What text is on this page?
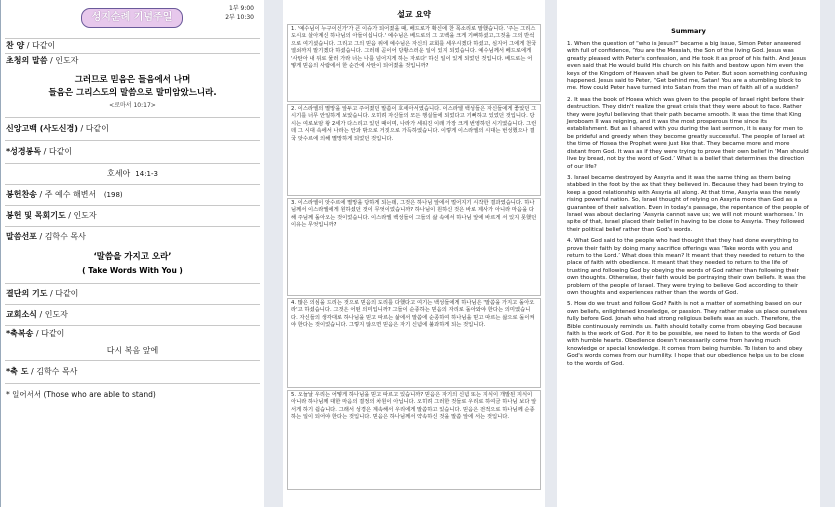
성지순례 기념주일
1부 9:00
2부 10:30
찬 양 / 다같이
초청의 말씀 / 인도자
그러므로 믿음은 들음에서 나며
들음은 그리스도의 말씀으로 말미암았느니라.
<로마서 10:17>
신앙고백 (사도신경) / 다같이
*성경봉독 / 다같이
호세아 14:1-3
봉헌찬송 / 주 예수 해변서 (198)
봉헌 및 목회기도 / 인도자
말씀선포 / 김학수 목사
‘말씀을 가지고 오라’
( Take Words With You )
결단의 기도 / 다같이
교회소식 / 인도자
*축복송 / 다같이
다시 복음 앞에
*축 도 / 김학수 목사
* 일어서서 (Those who are able to stand)
설교 요약
1. '예수님이 누구이신가'가 큰 이슈가 되어졌을 때, 베드로가 확신에 찬 목소리로 말했습니다. '주는 그리스도시요 살아계신 하나님의 아들이십니다.' 예수님은 베드로의 그 고백을 크게 기뻐하셨고,그것을 그의 반석으로 여기셨습니다. 그리고 그의 믿음 위에 예수님은 자신의 교회를 세우시겠다 하셨고, 심지어 그에게 천국 열쇠까지 맡기겠다 하셨습니다. 그러데 곧이어 당황스러운 일이 있지 되었습니다. 예수님께서 베드로에게 '사탄아 내 뒤로 물러 가라 너는 나를 넘어지게 하는 자로다' 하신 일이 있게 되었던 것입니다. 베드로는 어떻게 믿음의 사람에서 한 순간에 사탄이 되어졌을 것입니까?
2. 이스라엘의 멸망을 앞두고 주어졌던 말씀이 호세아서였습니다. 이스라엘 백성들은 자신들에게 좋았던 그 시기를 너무 안일하게 보았습니다. 오히려 자신들의 모든 행실들에 되었다고 기뻐하고 있었던 것입니다. 당시는 여로보암 왕 2세가 다스리고 있던 때이며, 나라가 세워진 이래 가장 크게 번영하던 시기였습니다. 그런데 그 시대 속에서 나라는 안과 밖으로 거짓으로 가득하였습니다. 이렇게 이스라엘의 시대는 번성했으나 결국 앗수르에 의해 멸망하게 되었던 것입니다.
3. 이스라엘이 앗수르에 멸망을 당하게 되는데, 그것은 하나님 앞에서 멀어지기 시작한 결과였습니다. 하나님께서 이스라엘에게 원하셨던 것이 무엇이었습니까? 하나님이 원하신 것은 바로 제사가 아니라 마음을 다해 주님께 돌아오는 것이었습니다. 이스라엘 백성들이 그들의 삶 속에서 하나님 앞에 바르게 서 있지 못했던 이유는 무엇입니까?
4. 많은 의심을 드리는 것으로 믿음의 도리를 다했다고 여기는 백성들에게 하나님은 '말씀을 가지고 돌아오라'고 하셨습니다. 그것은 어떤 의미입니까? 그들이 순종하는 믿음의 자리로 돌아와야 한다는 의미였습니다. 자신들의 생각대로 하나님을 믿고 따르는 삶에서 말씀에 순종하여 하나님을 믿고 따르는 삶으로 돌이켜야 한다는 것이었습니다. 그렇지 않으면 믿음은 자기 신념에 불과하게 되는 것입니다.
5. 오늘날 우리는 어떻게 하나님을 믿고 따르고 있습니까? 믿음은 자기의 신념 또는 지식이 개발된 지식이 아니라 하나님께 대한 마음의 결정의 차원이 아닙니다. 오히려 그러한 것들로 우리로 하여금 하나님 보다 앞서게 하기 쉽습니다. 그래서 성경은 계속해서 우리에게 말씀하고 있습니다. 믿음은 전적으로 하나님께 순종하는 일이 되어야 한다는 것입니다. 믿음은 하나님께서 약속하신 것을 말씀 앞에 서는 것입니다.
Summary
1. When the question of “who is Jesus?” became a big issue, Simon Peter answered with full of confidence, ‘You are the Messiah, the Son of the living God. Jesus was greatly pleased with Peter's confession, and He took it as proof of his faith. And Jesus even said that He would build His church on his faith and bestow upon him even the keys of the Kingdom of Heaven shall be given to Peter. But soon something confusing happened. Jesus said to Peter, “Get behind me, Satan! You are a stumbling block to me. How could Peter have turned into Satan from the man of faith all of a sudden?
2. It was the book of Hosea which was given to the people of Israel right before their destruction. They didn't realize the great crisis that they were about to face. Rather they were joyful believing that their path became smooth. It was the time that King Jeroboam II was reigning, and it was the most prosperous time since its establishment. But as I shared with you during the last sermon, it is easy for men to be prideful and greedy when they become greatly successful. The people of Israel at the time of Hosea the Prophet were just like that. They became more and more distant from God. It was as if they were trying to prove their own belief in ‘Man should live by bread, not by the word of God.’ What is a belief that determines the direction of our life?
3. Israel became destroyed by Assyria and it was the same thing as them being stabbed in the foot by the ax that they believed in. Because they had been trying to keep a good relationship with Assyria all along. At that time, Assyria was the newly rising powerful nation. So, Israel thought of relying on Assyria more than God as a guarantee of their salvation. Even in today's passage, the repentance of the people of Israel was about declaring ‘Assyria cannot save us; we will not mount warhorses.’ In spite of that, Israel placed their belief in having to be close to Assyria. They followed their political belief rather than God's words.
4. What God said to the people who had thought that they had done everything to prove their faith by doing many sacrifice offerings was ‘Take words with you and return to the Lord.’ What does this mean? It meant that they needed to return to the place of faith with obedience. It meant that they needed to return to the life of trusting and following God by obeying the words of God rather than following their own thoughts. Otherwise, their faith would be portraying their own beliefs. It was the problem of the people of Israel. They were trying to believe God according to their own thoughts and experiences rather than the words of God.
5. How do we trust and follow God? Faith is not a matter of something based on our own beliefs, enlightened knowledge, or passion. They rather make us place ourselves fully before God. Jonah who had strong religious beliefs was as such. Therefore, the Bible continuously reminds us. Faith should totally come from obeying God because faith is the work of God. For it to be possible, we need to listen to the words of God with humble hearts. Obedience doesn't necessarily come from having much knowledge or special knowledge. It comes from being humble. To listen to and obey God's words comes from our humility. I hope that our obedience helps us to be close to the words of God.
